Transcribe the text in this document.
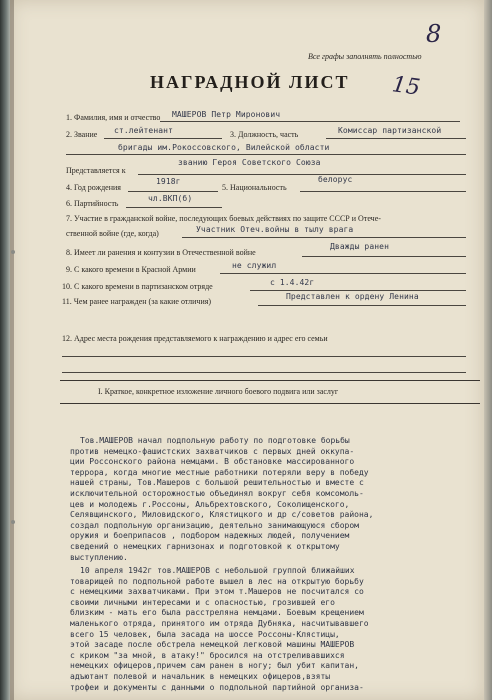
Все графы заполнять полностью
8
15
НАГРАДНОЙ ЛИСТ
1. Фамилия, имя и отчество МАШЕРОВ Петр Миронович
2. Звание ст.лейтенант	3. Должность, часть	Комиссар партизанской
бригады им.Рокоссовского, Вилейской области
Представляется к
званию Героя Советского Союза
4. Год рождения
1918г
5. Национальность
белорус
6. Партийность
чл.ВКП(б)
7. Участие в гражданской войне, последующих боевых действиях по защите СССР и Отече-
ственной войне (где, когда)	Участник Отеч.войны в тылу врага
8. Имеет ли ранения и контузии в Отечественной войне
Дважды ранен
9. С какого времени в Красной Армии	не служил
10. С какого времени в партизанском отряде	с 1.4.42г
11. Чем ранее награжден (за какие отличия)
Представлен к ордену Ленина
12. Адрес места рождения представляемого к награждению и адрес его семьи
I. Краткое, конкретное изложение личного боевого подвига или заслуг
Тов.МАШЕРОВ начал подпольную работу по подготовке борьбы
против немецко-фашистских захватчиков с первых дней оккупа-
ции Россонского района немцами. В обстановке массированного
террора, когда многие местные работники потеряли веру в победу
нашей страны, Тов.Машеров с большой решительностью и вместе с
исключительной осторожностью объединял вокруг себя комсомоль-
цев и молодежь г.Россоны, Альбрехтовского, Соколищенского,
Селявщинского, Миловидского, Клястицкого и др с/советов района,
создал подпольную организацию, деятельно занимающуюся сбором
оружия и боеприпасов , подбором надежных людей, получением
сведений о немецких гарнизонах и подготовкой к открытому
выступлению.
10 апреля 1942г тов.МАШЕРОВ с небольшой группой ближайших
товарищей по подпольной работе вышел в лес на открытую борьбу
с немецкими захватчиками. При этом т.Машеров не посчитался со
своими личными интересами и с опасностью, грозившей его
близким - мать его была расстреляна немцами. Боевым крещением
маленького отряда, принятого им отряда Дубняка, насчитывавшего
всего 15 человек, была засада на шоссе Россоны-Клястицы,
этой засаде после обстрела немецкой легковой машины МАШЕРОВ
с криком "за мной, в атаку!" бросился на отстреливавшихся
немецких офицеров,причем сам ранен в ногу; был убит капитан,
адъютант полевой и начальник в немецких офицеров,взяты
трофеи и документы с данными о подпольной партийной организа-
